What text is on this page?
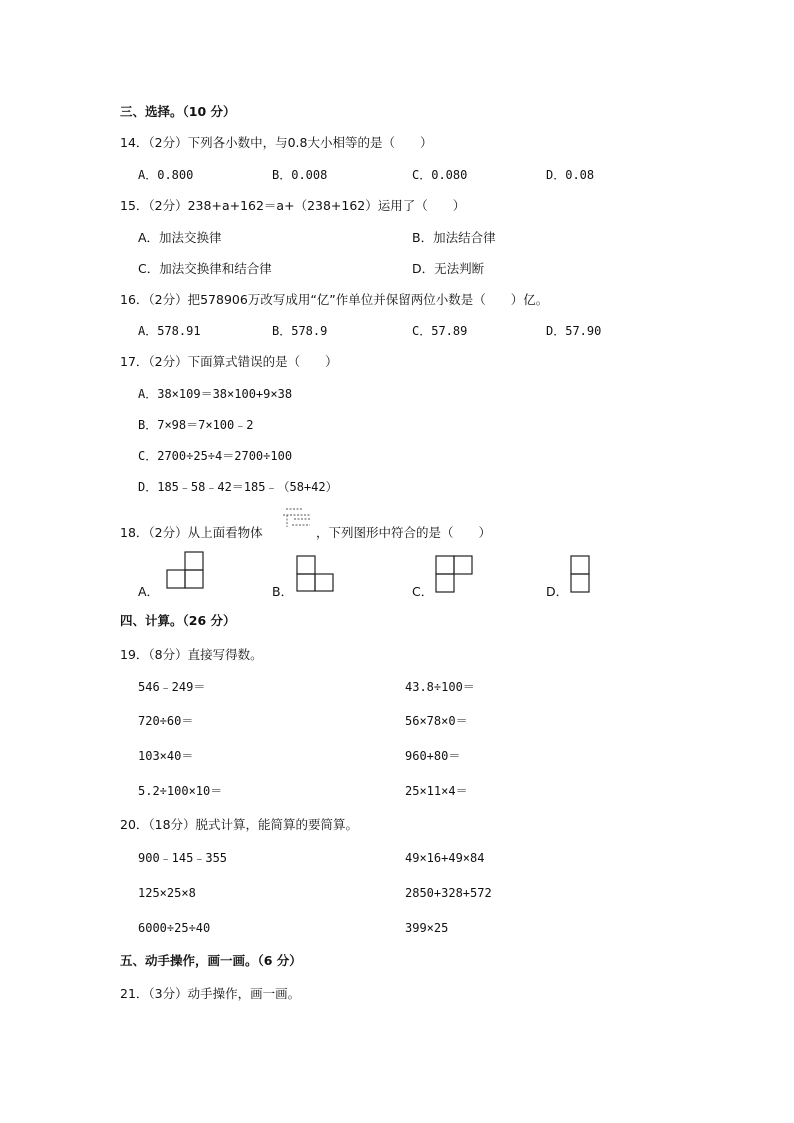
三、选择。（10 分）
14．（2分）下列各小数中，与0.8大小相等的是（　　）
A．0.800	B．0.008	C．0.080	D．0.08
15．（2分）238+a+162＝a+（238+162）运用了（　　）
A．加法交换律	B．加法结合律
C．加法交换律和结合律	D．无法判断
16．（2分）把578906万改写成用“亿”作单位并保留两位小数是（　　）亿。
A．578.91	B．578.9	C．57.89	D．57.90
17．（2分）下面算式错误的是（　　）
A．38×109＝38×100+9×38
B．7×98＝7×100﹣2
C．2700÷25÷4＝2700÷100
D．185﹣58﹣42＝185﹣（58+42）
18．（2分）从上面看物体	，下列图形中符合的是（　　）
A．	B．	C．	D．
四、计算。（26 分）
19．（8分）直接写得数。
546﹣249＝	43.8÷100＝
720÷60＝	56×78×0＝
103×40＝	960+80＝
5.2÷100×10＝	25×11×4＝
20．（18分）脱式计算，能简算的要简算。
900﹣145﹣355	49×16+49×84
125×25×8	2850+328+572
6000÷25÷40	399×25
五、动手操作，画一画。（6 分）
21．（3分）动手操作，画一画。
